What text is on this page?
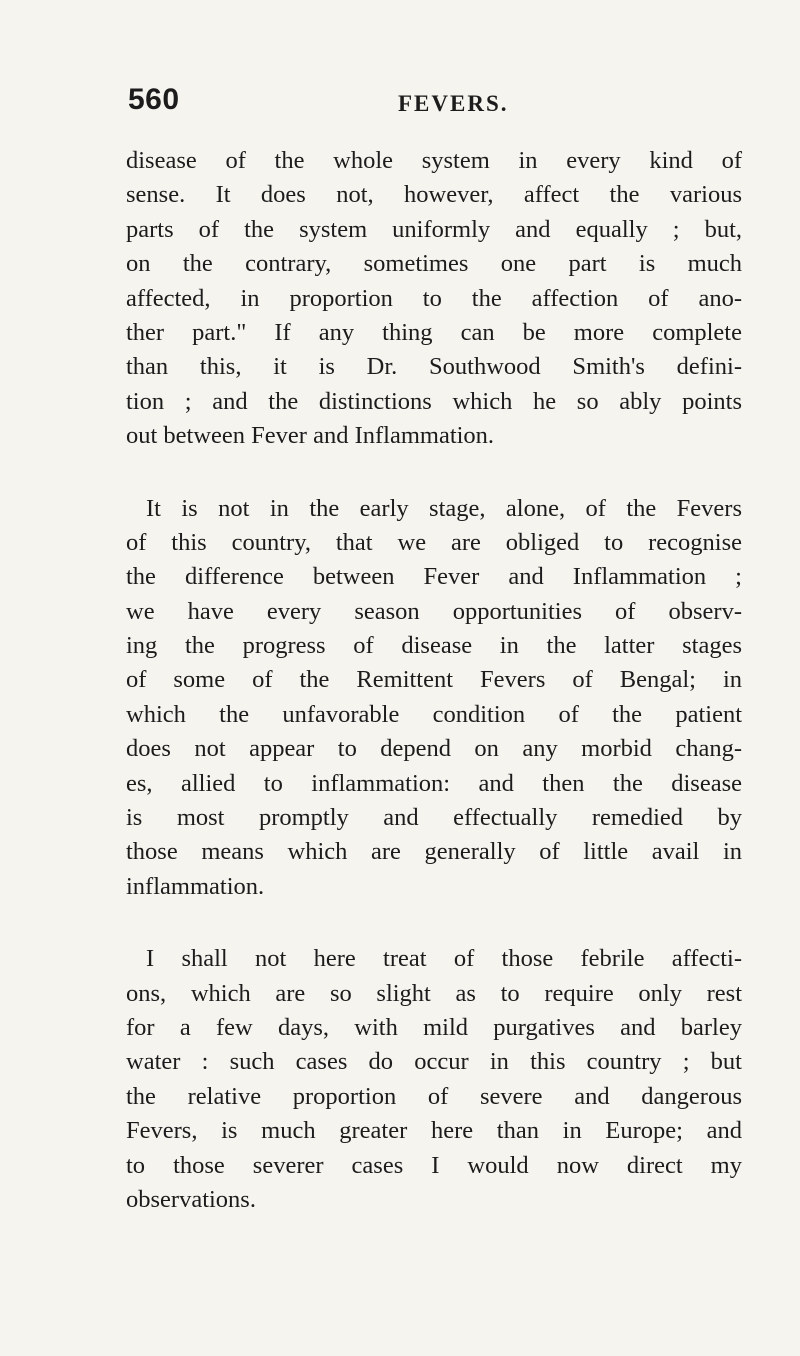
560	FEVERS.
disease of the whole system in every kind of
sense. It does not, however, affect the various
parts of the system uniformly and equally ; but,
on the contrary, sometimes one part is much
affected, in proportion to the affection of ano-
ther part." If any thing can be more complete
than this, it is Dr. Southwood Smith's defini-
tion ; and the distinctions which he so ably points
out between Fever and Inflammation.
It is not in the early stage, alone, of the Fevers
of this country, that we are obliged to recognise
the difference between Fever and Inflammation ;
we have every season opportunities of observ-
ing the progress of disease in the latter stages
of some of the Remittent Fevers of Bengal; in
which the unfavorable condition of the patient
does not appear to depend on any morbid chang-
es, allied to inflammation: and then the disease
is most promptly and effectually remedied by
those means which are generally of little avail in
inflammation.
I shall not here treat of those febrile affecti-
ons, which are so slight as to require only rest
for a few days, with mild purgatives and barley
water : such cases do occur in this country ; but
the relative proportion of severe and dangerous
Fevers, is much greater here than in Europe; and
to those severer cases I would now direct my
observations.
